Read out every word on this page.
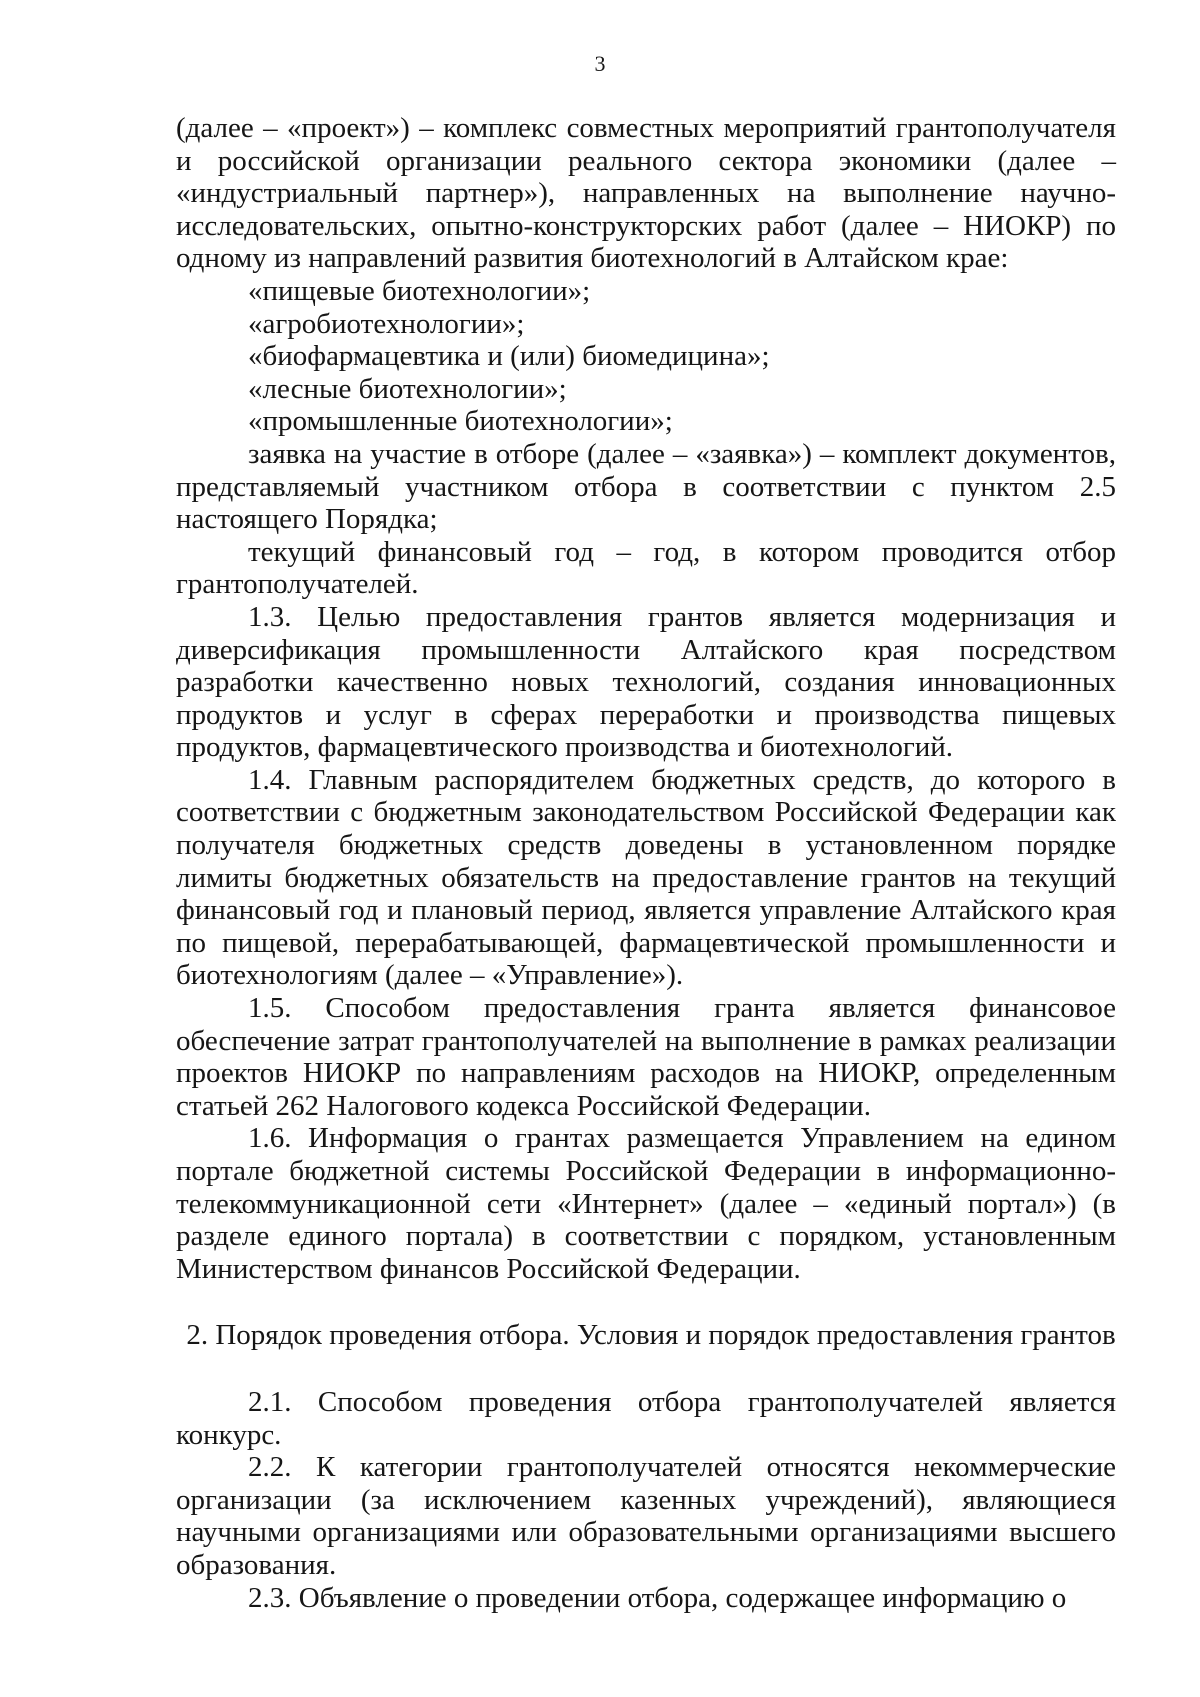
3

(далее – «проект») – комплекс совместных мероприятий грантополучателя и российской организации реального сектора экономики (далее – «индустриальный партнер»), направленных на выполнение научно-исследовательских, опытно-конструкторских работ (далее – НИОКР) по одному из направлений развития биотехнологий в Алтайском крае:

«пищевые биотехнологии»;

«агробиотехнологии»;

«биофармацевтика и (или) биомедицина»;

«лесные биотехнологии»;

«промышленные биотехнологии»;

заявка на участие в отборе (далее – «заявка») – комплект документов, представляемый участником отбора в соответствии с пунктом 2.5 настоящего Порядка;

текущий финансовый год – год, в котором проводится отбор грантополучателей.

1.3. Целью предоставления грантов является модернизация и диверсификация промышленности Алтайского края посредством разработки качественно новых технологий, создания инновационных продуктов и услуг в сферах переработки и производства пищевых продуктов, фармацевтического производства и биотехнологий.

1.4. Главным распорядителем бюджетных средств, до которого в соответствии с бюджетным законодательством Российской Федерации как получателя бюджетных средств доведены в установленном порядке лимиты бюджетных обязательств на предоставление грантов на текущий финансовый год и плановый период, является управление Алтайского края по пищевой, перерабатывающей, фармацевтической промышленности и биотехнологиям (далее – «Управление»).

1.5. Способом предоставления гранта является финансовое обеспечение затрат грантополучателей на выполнение в рамках реализации проектов НИОКР по направлениям расходов на НИОКР, определенным статьей 262 Налогового кодекса Российской Федерации.

1.6. Информация о грантах размещается Управлением на едином портале бюджетной системы Российской Федерации в информационно-телекоммуникационной сети «Интернет» (далее – «единый портал») (в разделе единого портала) в соответствии с порядком, установленным Министерством финансов Российской Федерации.

2. Порядок проведения отбора. Условия и порядок предоставления грантов

2.1. Способом проведения отбора грантополучателей является конкурс.

2.2. К категории грантополучателей относятся некоммерческие организации (за исключением казенных учреждений), являющиеся научными организациями или образовательными организациями высшего образования.

2.3. Объявление о проведении отбора, содержащее информацию о
